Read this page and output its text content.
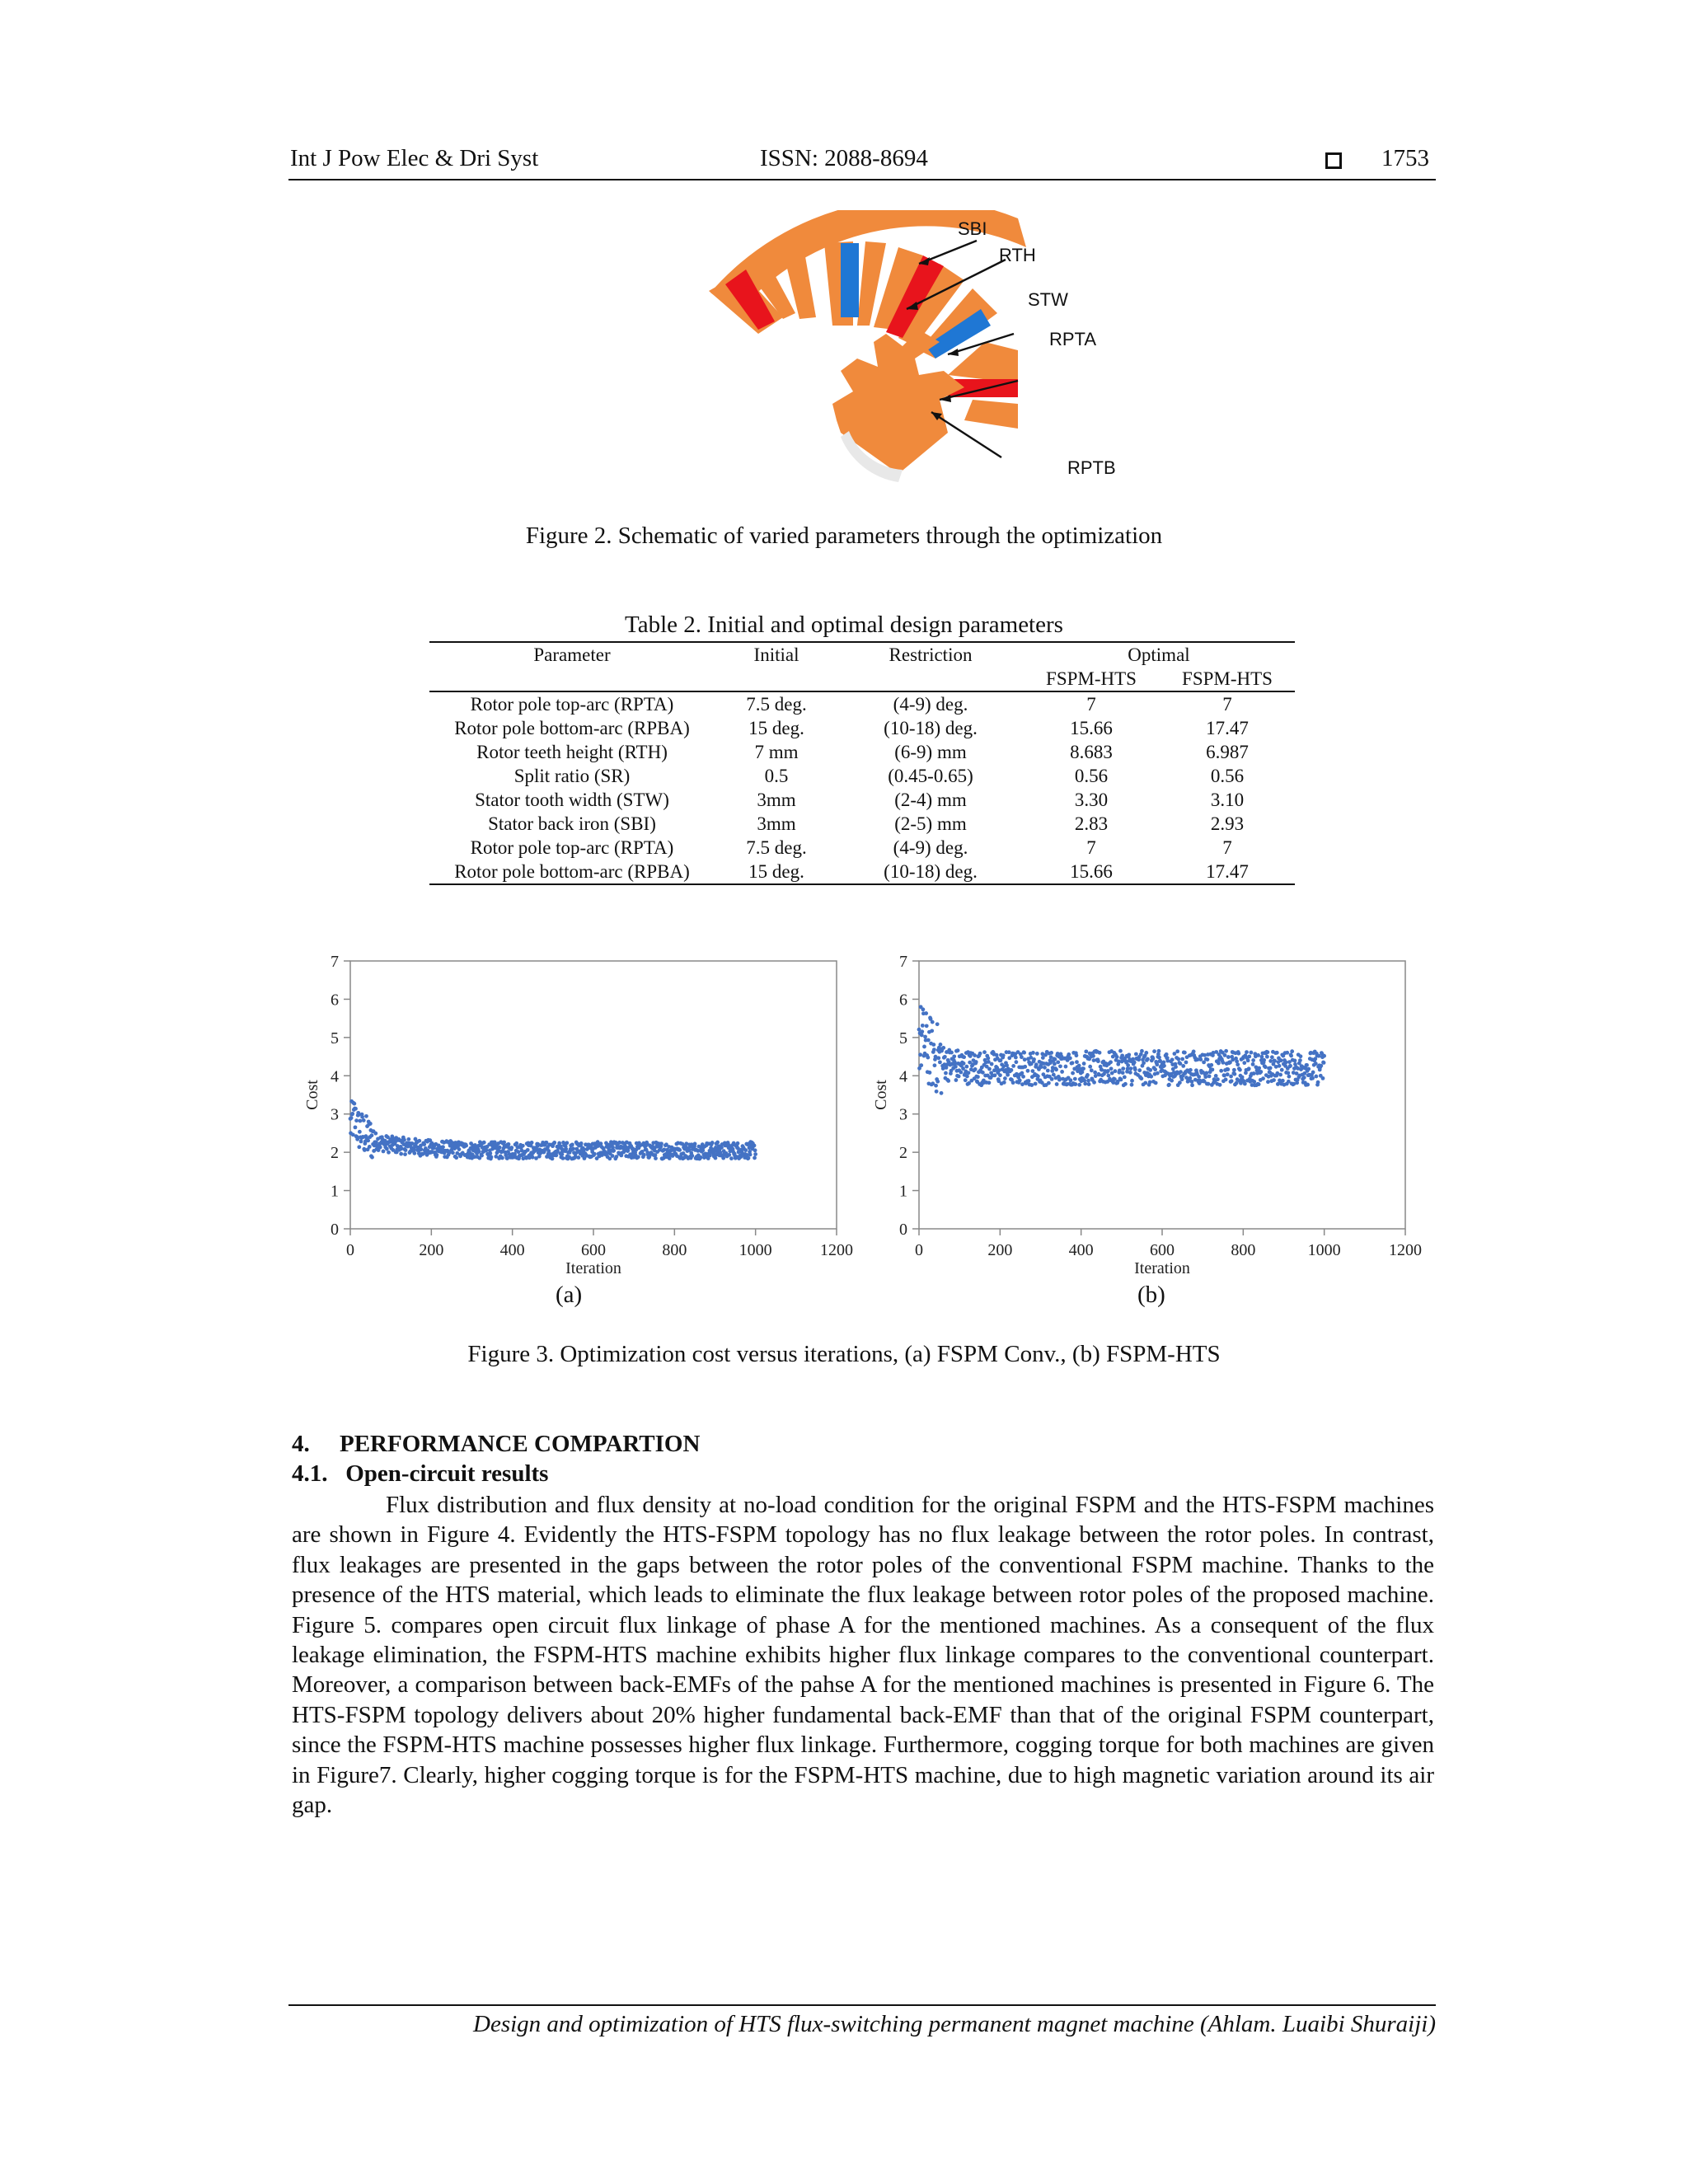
Int J Pow Elec & Dri Syst	ISSN: 2088-8694	1753
SBI
RTH
STW
RPTA
RPTB
Figure 2. Schematic of varied parameters through the optimization
Table 2. Initial and optimal design parameters
Parameter	Initial	Restriction	Optimal	
			FSPM-HTS	FSPM-HTS
Rotor pole top-arc (RPTA)	7.5 deg.	(4-9) deg.	7	7
Rotor pole bottom-arc (RPBA)	15 deg.	(10-18) deg.	15.66	17.47
Rotor teeth height (RTH)	7 mm	(6-9) mm	8.683	6.987
Split ratio (SR)	0.5	(0.45-0.65)	0.56	0.56
Stator tooth width (STW)	3mm	(2-4) mm	3.30	3.10
Stator back iron (SBI)	3mm	(2-5) mm	2.83	2.93
Rotor pole top-arc (RPTA)	7.5 deg.	(4-9) deg.	7	7
Rotor pole bottom-arc (RPBA)	15 deg.	(10-18) deg.	15.66	17.47
0
1
2
3
4
5
6
7
0	200	400	600	800	1000	1200
Iteration
Cost
0
1
2
3
4
5
6
7
0	200	400	600	800	1000	1200
Iteration
Cost
(a)	(b)
Figure 3. Optimization cost versus iterations, (a) FSPM Conv., (b) FSPM-HTS
4.     PERFORMANCE COMPARTION
4.1.   Open-circuit results

Flux distribution and flux density at no-load condition for the original FSPM and the HTS-FSPM machines are shown in Figure 4. Evidently the HTS-FSPM topology has no flux leakage between the rotor poles. In contrast, flux leakages are presented in the gaps between the rotor poles of the conventional FSPM machine. Thanks to the presence of the HTS material, which leads to eliminate the flux leakage between rotor poles of the proposed machine. Figure 5. compares open circuit flux linkage of phase A for the mentioned machines. As a consequent of the flux leakage elimination, the FSPM-HTS machine exhibits higher flux linkage compares to the conventional counterpart. Moreover, a comparison between back-EMFs of the pahse A for the mentioned machines is presented in Figure 6. The HTS-FSPM topology delivers about 20% higher fundamental back-EMF than that of the original FSPM counterpart, since the FSPM-HTS machine possesses higher flux linkage. Furthermore, cogging torque for both machines are given in Figure7. Clearly, higher cogging torque is for the FSPM-HTS machine, due to high magnetic variation around its air gap.

Design and optimization of HTS flux-switching permanent magnet machine (Ahlam. Luaibi Shuraiji)
